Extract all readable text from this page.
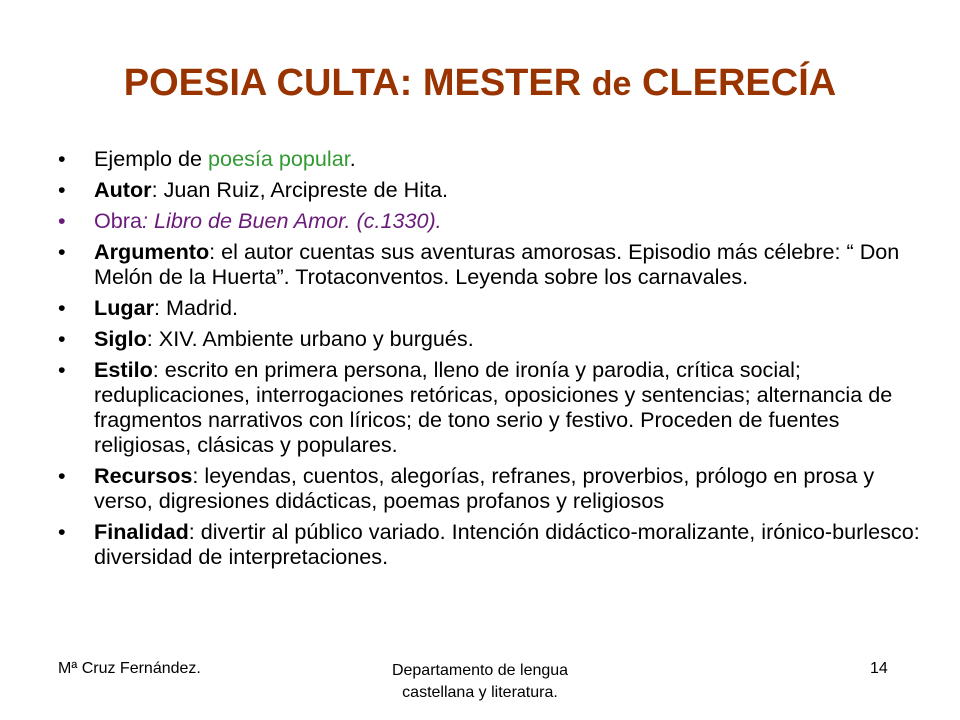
POESIA CULTA: MESTER de CLERECÍA
• Ejemplo de poesía popular.
• Autor: Juan Ruiz, Arcipreste de Hita.
• Obra: Libro de Buen Amor. (c.1330).
• Argumento: el autor cuentas sus aventuras amorosas. Episodio más célebre: “ Don Melón de la Huerta”. Trotaconventos. Leyenda sobre los carnavales.
• Lugar: Madrid.
• Siglo: XIV. Ambiente urbano y burgués.
• Estilo: escrito en primera persona, lleno de ironía y parodia, crítica social; reduplicaciones, interrogaciones retóricas, oposiciones y sentencias; alternancia de fragmentos narrativos con líricos; de tono serio y festivo. Proceden de fuentes religiosas, clásicas y populares.
• Recursos: leyendas, cuentos, alegorías, refranes, proverbios, prólogo en prosa y verso, digresiones didácticas, poemas profanos y religiosos
• Finalidad: divertir al público variado. Intención didáctico-moralizante, irónico-burlesco: diversidad de interpretaciones.
Mª Cruz Fernández.	Departamento de lengua
castellana y literatura.
14
